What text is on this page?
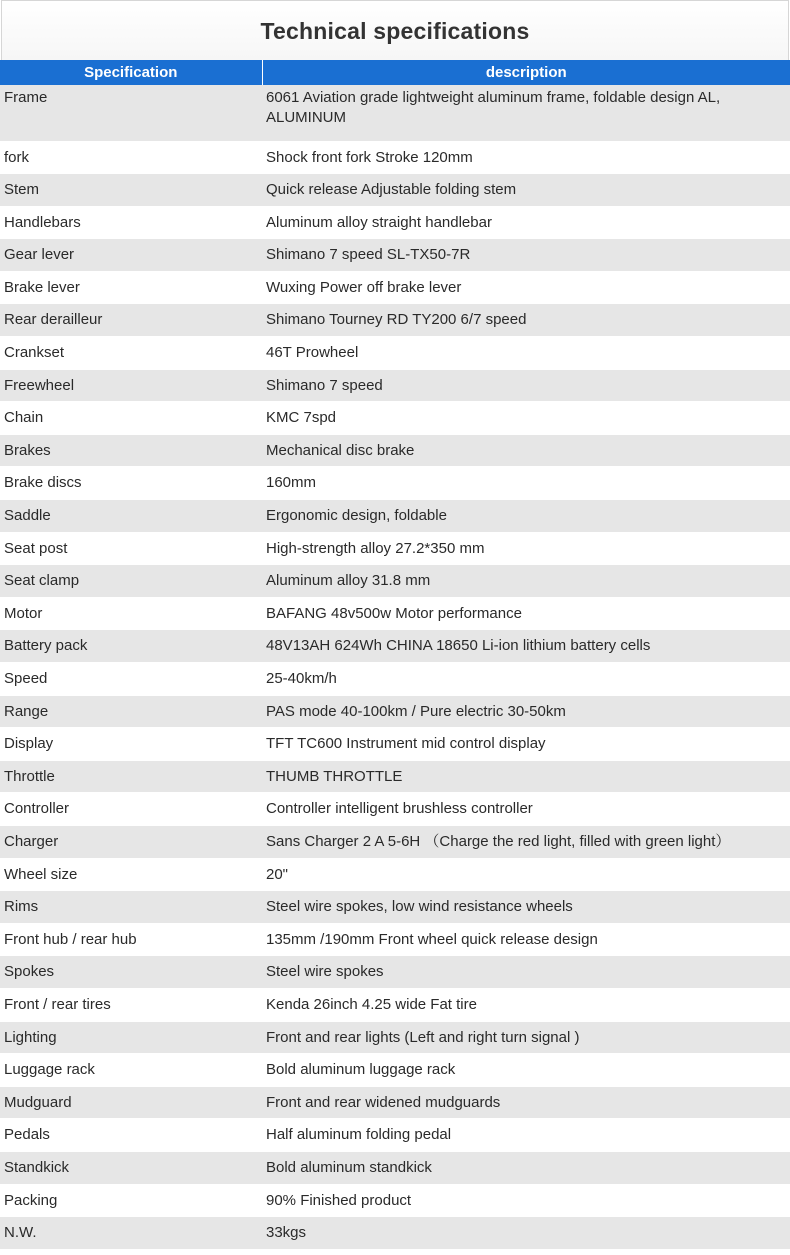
Technical specifications
Specification	description
Frame	6061 Aviation grade lightweight aluminum frame, foldable design AL, ALUMINUM
fork	Shock front fork Stroke 120mm
Stem	Quick release Adjustable folding stem
Handlebars	Aluminum alloy straight handlebar
Gear lever	Shimano 7 speed SL-TX50-7R
Brake lever	Wuxing Power off brake lever
Rear derailleur	Shimano Tourney RD TY200 6/7 speed
Crankset	46T Prowheel
Freewheel	Shimano 7 speed
Chain	KMC 7spd
Brakes	Mechanical disc brake
Brake discs	160mm
Saddle	Ergonomic design, foldable
Seat post	High-strength alloy 27.2*350 mm
Seat clamp	Aluminum alloy 31.8 mm
Motor	BAFANG 48v500w Motor performance
Battery pack	48V13AH 624Wh CHINA 18650 Li-ion lithium battery cells
Speed	25-40km/h
Range	PAS mode 40-100km / Pure electric 30-50km
Display	TFT TC600 Instrument mid control display
Throttle	THUMB THROTTLE
Controller	Controller intelligent brushless controller
Charger	Sans Charger 2 A 5-6H （Charge the red light, filled with green light）
Wheel size	20"
Rims	Steel wire spokes, low wind resistance wheels
Front hub / rear hub	135mm /190mm Front wheel quick release design
Spokes	Steel wire spokes
Front / rear tires	Kenda 26inch 4.25 wide Fat tire
Lighting	Front and rear lights (Left and right turn signal )
Luggage rack	Bold aluminum luggage rack
Mudguard	Front and rear widened mudguards
Pedals	Half aluminum folding pedal
Standkick	Bold aluminum standkick
Packing	90% Finished product
N.W.	33kgs
